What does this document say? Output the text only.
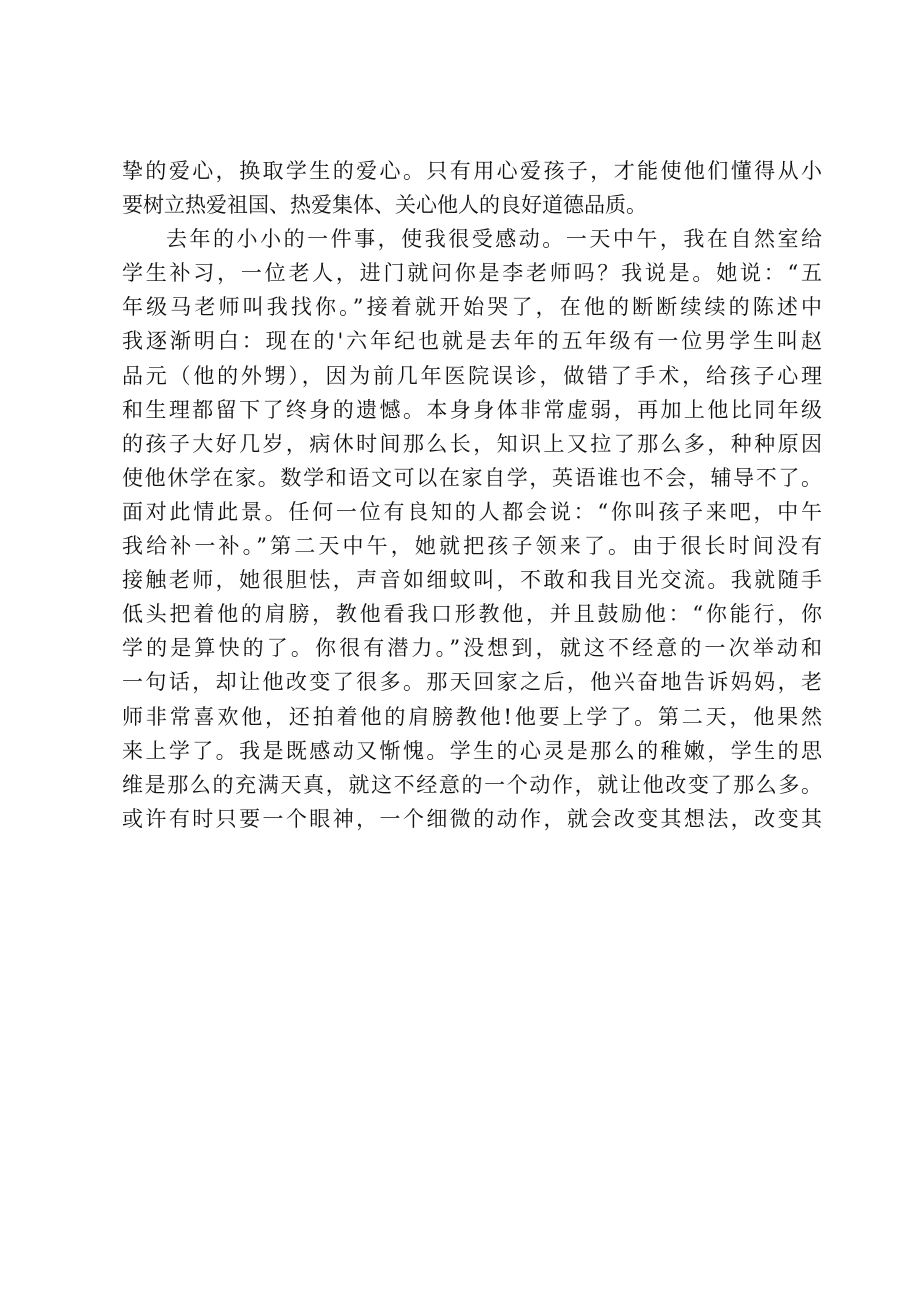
挚的爱心，换取学生的爱心。只有用心爱孩子，才能使他们懂得从小
要树立热爱祖国、热爱集体、关心他人的良好道德品质。
去年的小小的一件事，使我很受感动。一天中午，我在自然室给
学生补习，一位老人，进门就问你是李老师吗？我说是。她说：“五
年级马老师叫我找你。”接着就开始哭了，在他的断断续续的陈述中
我逐渐明白：现在的'六年纪也就是去年的五年级有一位男学生叫赵
品元（他的外甥），因为前几年医院误诊，做错了手术，给孩子心理
和生理都留下了终身的遗憾。本身身体非常虚弱，再加上他比同年级
的孩子大好几岁，病休时间那么长，知识上又拉了那么多，种种原因
使他休学在家。数学和语文可以在家自学，英语谁也不会，辅导不了。
面对此情此景。任何一位有良知的人都会说：“你叫孩子来吧，中午
我给补一补。”第二天中午，她就把孩子领来了。由于很长时间没有
接触老师，她很胆怯，声音如细蚊叫，不敢和我目光交流。我就随手
低头把着他的肩膀，教他看我口形教他，并且鼓励他：“你能行，你
学的是算快的了。你很有潜力。”没想到，就这不经意的一次举动和
一句话，却让他改变了很多。那天回家之后，他兴奋地告诉妈妈，老
师非常喜欢他，还拍着他的肩膀教他!他要上学了。第二天，他果然
来上学了。我是既感动又惭愧。学生的心灵是那么的稚嫩，学生的思
维是那么的充满天真，就这不经意的一个动作，就让他改变了那么多。
或许有时只要一个眼神，一个细微的动作，就会改变其想法，改变其
